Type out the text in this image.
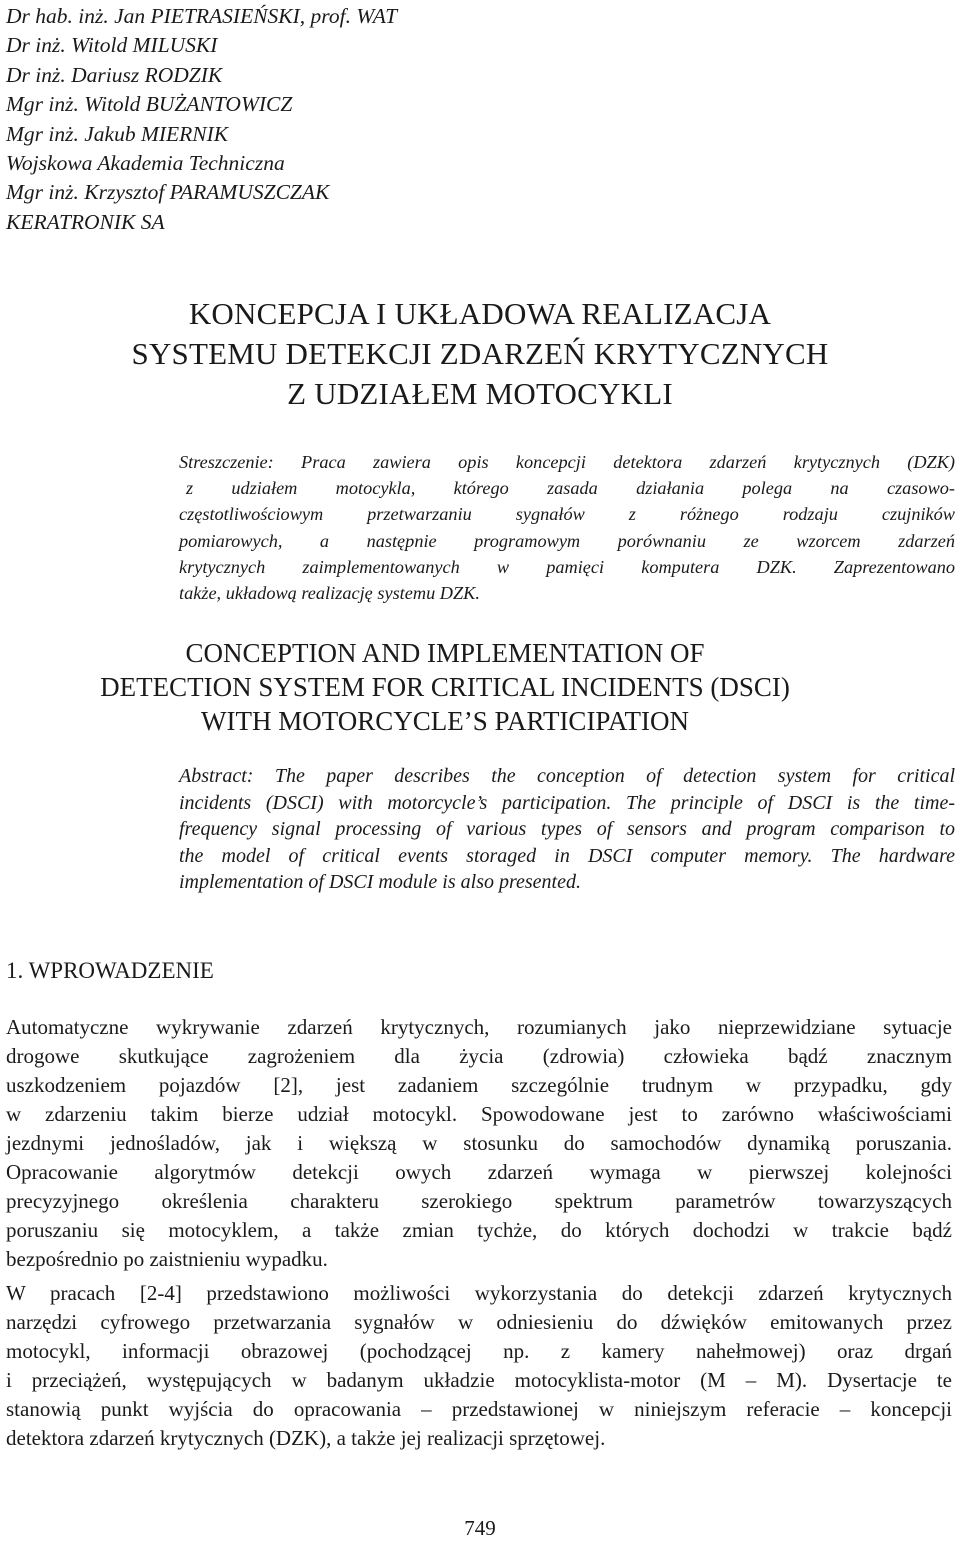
Dr hab. inż. Jan PIETRASIEŃSKI, prof. WAT
Dr inż. Witold MILUSKI
Dr inż. Dariusz RODZIK
Mgr inż. Witold BUŻANTOWICZ
Mgr inż. Jakub MIERNIK
Wojskowa Akademia Techniczna
Mgr inż. Krzysztof PARAMUSZCZAK
KERATRONIK SA
KONCEPCJA I UKŁADOWA REALIZACJA
SYSTEMU DETEKCJI ZDARZEŃ KRYTYCZNYCH
Z UDZIAŁEM MOTOCYKLI
Streszczenie: Praca zawiera opis koncepcji detektora zdarzeń krytycznych (DZK)
z udziałem motocykla, którego zasada działania polega na czasowo-
częstotliwościowym przetwarzaniu sygnałów z różnego rodzaju czujników
pomiarowych, a następnie programowym porównaniu ze wzorcem zdarzeń
krytycznych zaimplementowanych w pamięci komputera DZK. Zaprezentowano
także, układową realizację systemu DZK.
CONCEPTION AND IMPLEMENTATION OF
DETECTION SYSTEM FOR CRITICAL INCIDENTS (DSCI)
WITH MOTORCYCLE’S PARTICIPATION
Abstract: The paper describes the conception of detection system for critical
incidents (DSCI) with motorcycle’s participation. The principle of DSCI is the time-
frequency signal processing of various types of sensors and program comparison to
the model of critical events storaged in DSCI computer memory. The hardware
implementation of DSCI module is also presented.
1. WPROWADZENIE
Automatyczne wykrywanie zdarzeń krytycznych, rozumianych jako nieprzewidziane sytuacje
drogowe skutkujące zagrożeniem dla życia (zdrowia) człowieka bądź znacznym
uszkodzeniem pojazdów [2], jest zadaniem szczególnie trudnym w przypadku, gdy
w zdarzeniu takim bierze udział motocykl. Spowodowane jest to zarówno właściwościami
jezdnymi jednośladów, jak i większą w stosunku do samochodów dynamiką poruszania.
Opracowanie algorytmów detekcji owych zdarzeń wymaga w pierwszej kolejności
precyzyjnego określenia charakteru szerokiego spektrum parametrów towarzyszących
poruszaniu się motocyklem, a także zmian tychże, do których dochodzi w trakcie bądź
bezpośrednio po zaistnieniu wypadku.
W pracach [2-4] przedstawiono możliwości wykorzystania do detekcji zdarzeń krytycznych
narzędzi cyfrowego przetwarzania sygnałów w odniesieniu do dźwięków emitowanych przez
motocykl, informacji obrazowej (pochodzącej np. z kamery nahełmowej) oraz drgań
i przeciążeń, występujących w badanym układzie motocyklista-motor (M – M). Dysertacje te
stanowią punkt wyjścia do opracowania – przedstawionej w niniejszym referacie – koncepcji
detektora zdarzeń krytycznych (DZK), a także jej realizacji sprzętowej.
749
